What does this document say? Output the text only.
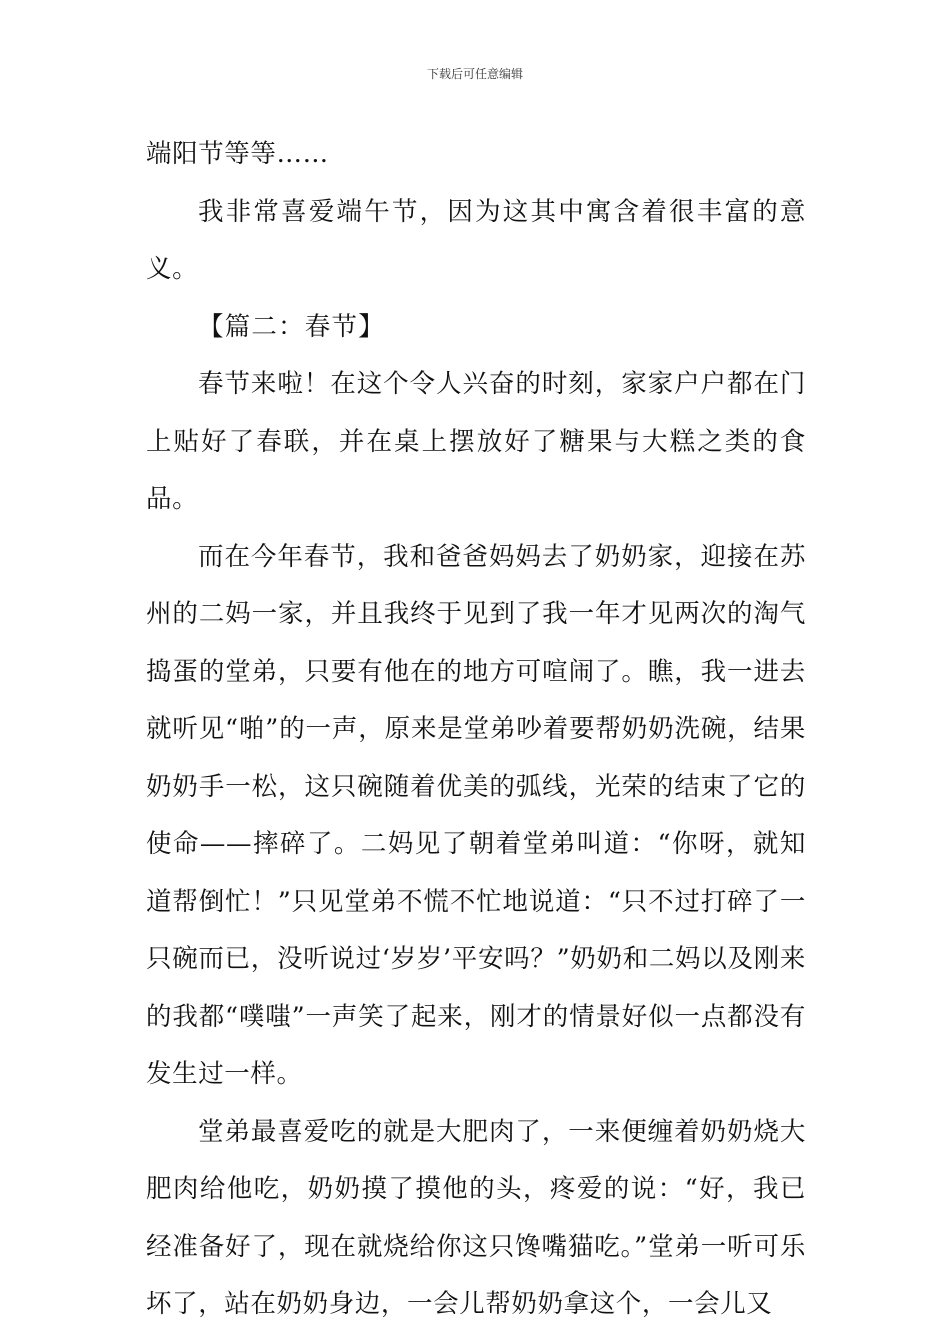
下载后可任意编辑

端阳节等等……

我非常喜爱端午节，因为这其中寓含着很丰富的意义。

【篇二：春节】

春节来啦！在这个令人兴奋的时刻，家家户户都在门上贴好了春联，并在桌上摆放好了糖果与大糕之类的食品。

而在今年春节，我和爸爸妈妈去了奶奶家，迎接在苏州的二妈一家，并且我终于见到了我一年才见两次的淘气捣蛋的堂弟，只要有他在的地方可喧闹了。瞧，我一进去就听见“啪”的一声，原来是堂弟吵着要帮奶奶洗碗，结果奶奶手一松，这只碗随着优美的弧线，光荣的结束了它的使命——摔碎了。二妈见了朝着堂弟叫道：“你呀，就知道帮倒忙！”只见堂弟不慌不忙地说道：“只不过打碎了一只碗而已，没听说过‘岁岁’平安吗？”奶奶和二妈以及刚来的我都“噗嗤”一声笑了起来，刚才的情景好似一点都没有发生过一样。

堂弟最喜爱吃的就是大肥肉了，一来便缠着奶奶烧大肥肉给他吃，奶奶摸了摸他的头，疼爱的说：“好，我已经准备好了，现在就烧给你这只馋嘴猫吃。”堂弟一听可乐坏了，站在奶奶身边，一会儿帮奶奶拿这个，一会儿又
